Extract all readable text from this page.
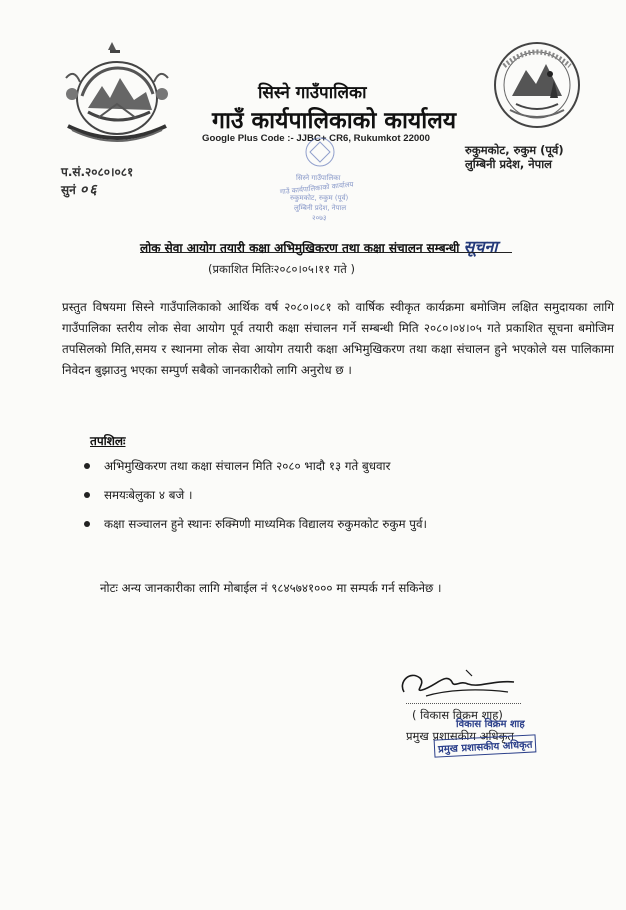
सिस्ने गाउँपालिका
गाउँ कार्यपालिकाको कार्यालय
Google Plus Code :- JJBC+ CR6, Rukumkot 22000
रुकुमकोट, रुकुम (पूर्व)
लुम्बिनी प्रदेश, नेपाल
प.सं.२०८०।०८१
सुनं ०६
सिस्ने गाउँपालिका
गाउँ कार्यपालिकाको कार्यालय
रुकुमकोट, रुकुम (पूर्व)
लुम्बिनी प्रदेश, नेपाल
२०७३
लोक सेवा आयोग तयारी कक्षा अभिमुखिकरण तथा कक्षा संचालन सम्बन्धी सूचना
(प्रकाशित मितिः२०८०।०५।११ गते )
प्रस्तुत विषयमा सिस्ने गाउँपालिकाको आर्थिक वर्ष २०८०।०८१ को वार्षिक स्वीकृत कार्यक्रमा बमोजिम लक्षित समुदायका लागि गाउँपालिका स्तरीय लोक सेवा आयोग पूर्व तयारी कक्षा संचालन गर्ने सम्बन्धी मिति २०८०।०४।०५ गते प्रकाशित सूचना बमोजिम तपसिलको मिति,समय र स्थानमा लोक सेवा आयोग तयारी कक्षा अभिमुखिकरण तथा कक्षा संचालन हुने भएकोले यस पालिकामा निवेदन बुझाउनु भएका सम्पुर्ण सबैको जानकारीको लागि अनुरोध छ ।
तपशिलः
अभिमुखिकरण तथा कक्षा संचालन मिति २०८० भादौ १३ गते बुधवार
समयःबेलुका ४ बजे ।
कक्षा सञ्चालन हुने स्थानः रुक्मिणी माध्यमिक विद्यालय रुकुमकोट रुकुम पुर्व।
नोटः अन्य जानकारीका लागि मोबाईल नं ९८४५७४१००० मा सम्पर्क गर्न सकिनेछ ।
( विकास विक्रम शाह)
प्रमुख प्रशासकीय अधिकृत
विकास विक्रम शाह
प्रमुख प्रशासकीय अधिकृत
